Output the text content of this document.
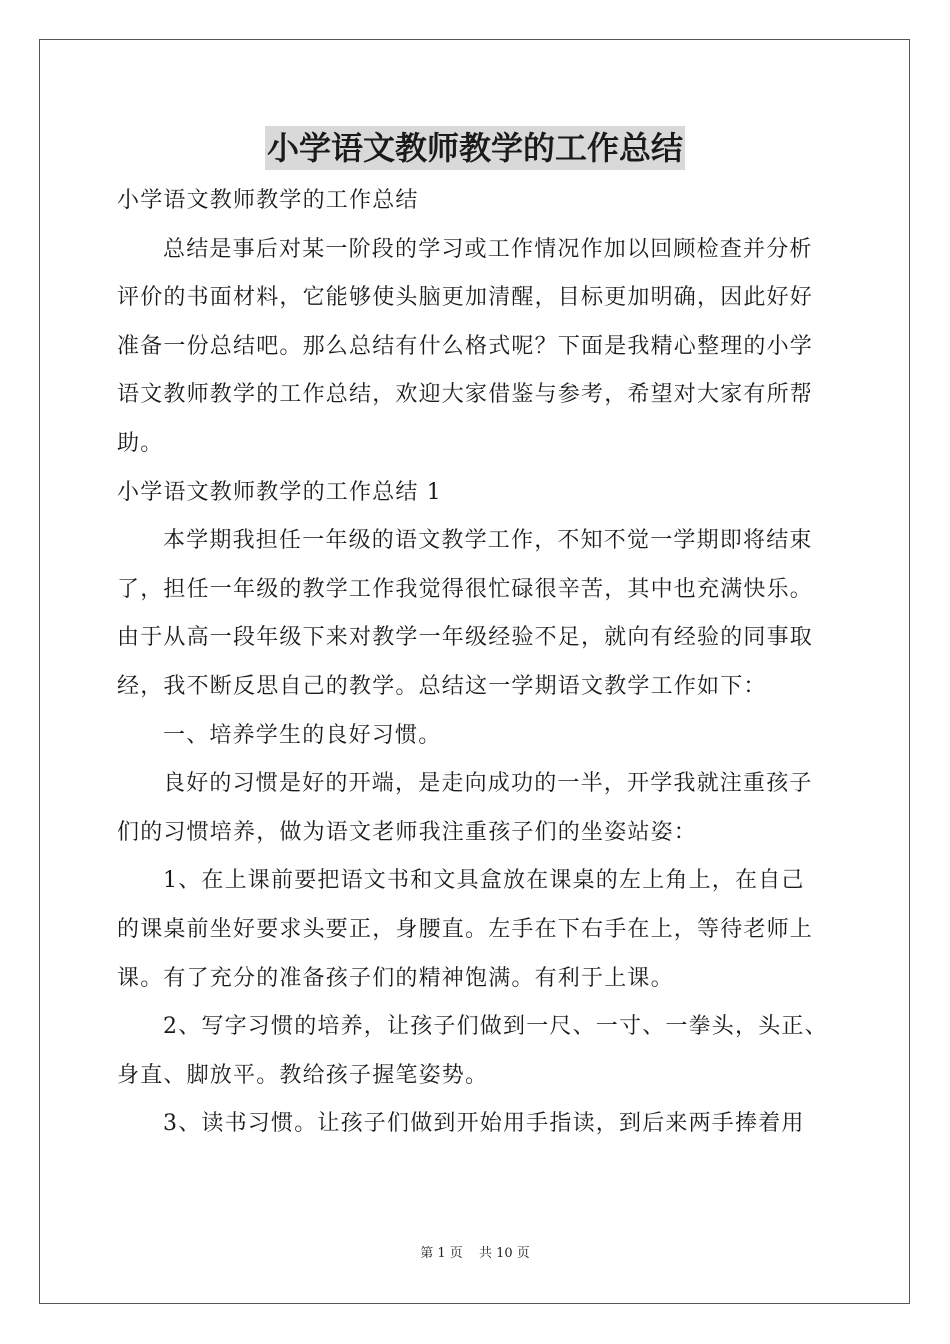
小学语文教师教学的工作总结
小学语文教师教学的工作总结
总结是事后对某一阶段的学习或工作情况作加以回顾检查并分析
评价的书面材料，它能够使头脑更加清醒，目标更加明确，因此好好
准备一份总结吧。那么总结有什么格式呢？下面是我精心整理的小学
语文教师教学的工作总结，欢迎大家借鉴与参考，希望对大家有所帮
助。
小学语文教师教学的工作总结 1
本学期我担任一年级的语文教学工作，不知不觉一学期即将结束
了，担任一年级的教学工作我觉得很忙碌很辛苦，其中也充满快乐。
由于从高一段年级下来对教学一年级经验不足，就向有经验的同事取
经，我不断反思自己的教学。总结这一学期语文教学工作如下：
一、培养学生的良好习惯。
良好的习惯是好的开端，是走向成功的一半，开学我就注重孩子
们的习惯培养，做为语文老师我注重孩子们的坐姿站姿：
1、在上课前要把语文书和文具盒放在课桌的左上角上，在自己
的课桌前坐好要求头要正，身腰直。左手在下右手在上，等待老师上
课。有了充分的准备孩子们的精神饱满。有利于上课。
2、写字习惯的培养，让孩子们做到一尺、一寸、一拳头，头正、
身直、脚放平。教给孩子握笔姿势。
3、读书习惯。让孩子们做到开始用手指读，到后来两手捧着用
第 1 页 共 10 页
